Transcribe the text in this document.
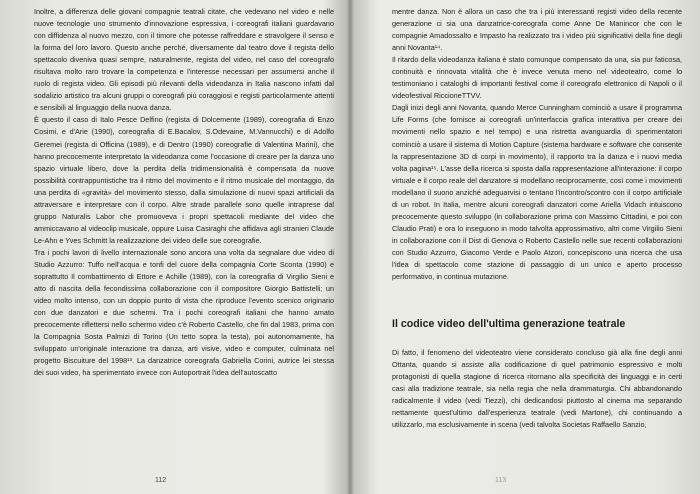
Inoltre, a differenza delle giovani compagnie teatrali citate, che vedevano nel video e nelle nuove tecnologie uno strumento d'innovazione espressiva, i coreografi italiani guardavano con diffidenza al nuovo mezzo, con il timore che potesse raffreddare e stravolgere il senso e la forma del loro lavoro. Questo anche perché, diversamente dal teatro dove il regista dello spettacolo diveniva quasi sempre, naturalmente, regista del video, nel caso del coreografo risultava molto raro trovare la competenza e l'interesse necessari per assumersi anche il ruolo di regista video. Gli episodi più rilevanti della videodanza in Italia nascono infatti dal sodalizio artistico tra alcuni gruppi o coreografi più coraggiosi e registi particolarmente attenti e sensibili al linguaggio della nuova danza.

È questo il caso di Italo Pesce Delfino (regista di Dolcemente (1989), coreografia di Enzo Cosimi, e d'Arie (1990), coreografia di E.Bacalov, S.Odevaine, M.Vannucchi) e di Adolfo Geremei (regista di Officina (1989), e di Dentro (1990) coreografie di Valentina Marini), che hanno precocemente interpretato la videodanza come l'occasione di creare per la danza uno spazio virtuale libero, dove la perdita della tridimensionalità è compensata da nuove possibilità contrappuntistiche tra il ritmo del movimento e il ritmo musicale del montaggio, da una perdita di «gravità» del movimento stesso, dalla simulazione di nuovi spazi artificiali da attraversare e interpretare con il corpo. Altre strade parallele sono quelle intraprese dal gruppo Naturalis Labor che promuoveva i propri spettacoli mediante del video che ammiccavano al videoclip musicale, oppure Luisa Casiraghi che affidava agli stranieri Claude Le-Ahn e Yves Schmitt la realizzazione dei video delle sue coreografie.

Tra i pochi lavori di livello internazionale sono ancora una volta da segnalare due video di Studio Azzurro: Tuffo nell'acqua e tonfi del cuore della compagnia Corte Sconta (1990) e soprattutto Il combattimento di Ettore e Achille (1989), con la coreografia di Virgilio Sieni e atto di nascita della fecondissima collaborazione con il compositore Giorgio Battistelli; un video molto intenso, con un doppio punto di vista che riproduce l'evento scenico originario con due danzatori e due schermi. Tra i pochi coreografi italiani che hanno amato precocemente riflettersi nello schermo video c'è Roberto Castello, che fin dal 1983, prima con la Compagnia Sosta Palmizi di Torino (Un tetto sopra la testa), poi autonomamente, ha sviluppato un'originale interazione tra danza, arti visive, video e computer, culminata nel progetto Biscuiture del 1998¹³. La danzatrice coreografa Gabriella Corini, autrice lei stessa dei suoi video, ha sperimentato invece con Autoportrait l'idea dell'autoscatto

112

mentre danza. Non è allora un caso che tra i più interessanti registi video della recente generazione ci sia una danzatrice-coreografa come Anne De Manincor che con le compagnie Amadossalto e Impasto ha realizzato tra i video più significativi della fine degli anni Novanta¹⁴.

Il ritardo della videodanza italiana è stato comunque compensato da una, sia pur faticosa, continuità e rinnovata vitalità che è invece venuta meno nel videoteatro, come lo testimoniano i cataloghi di importanti festival come il coreografo elettronico di Napoli o il videofestival RiccioneTTVV.

Dagli inizi degli anni Novanta, quando Merce Cunningham cominciò a usare il programma Life Forms (che fornisce ai coreografi un'interfaccia grafica interattiva per creare dei movimenti nello spazio e nel tempo) e una ristretta avanguardia di sperimentatori cominciò a usare il sistema di Motion Capture (sistema hardware e software che consente la rappresentazione 3D di corpi in movimento), il rapporto tra la danza e i nuovi media volta pagina¹⁵. L'asse della ricerca si sposta dalla rappresentazione all'interazione: il corpo virtuale e il corpo reale del danzatore si modellano reciprocamente, così come i movimenti modellano il suono anziché adeguarvisi o tentano l'incontro/scontro con il corpo artificiale di un robot. In Italia, mentre alcuni coreografi danzatori come Ariella Vidach intuiscono precocemente questo sviluppo (in collaborazione prima con Massimo Cittadini, e poi con Claudio Prati) e ora lo inseguono in modo talvolta approssimativo, altri come Virgilio Sieni in collaborazione con il Dist di Genova o Roberto Castello nelle sue recenti collaborazioni con Studio Azzurro, Giacomo Verde e Paolo Atzori, concepiscono una ricerca che usa l'idea di spettacolo come stazione di passaggio di un unico e aperto processo performativo, in continua mutazione.

Il codice video dell'ultima generazione teatrale

Di fatto, il fenomeno del videoteatro viene considerato concluso già alla fine degli anni Ottanta, quando si assiste alla codificazione di quel patrimonio espressivo e molti protagonisti di quella stagione di ricerca ritornano alla specificità dei linguaggi e in certi casi alla tradizione teatrale, sia nella regia che nella drammaturgia. Chi abbandonando radicalmente il video (vedi Tiezzi), chi dedicandosi piuttosto al cinema ma separando nettamente quest'ultimo dall'esperienza teatrale (vedi Martone), chi continuando a utilizzarlo, ma esclusivamente in scena (vedi talvolta Societas Raffaello Sanzio,

113
